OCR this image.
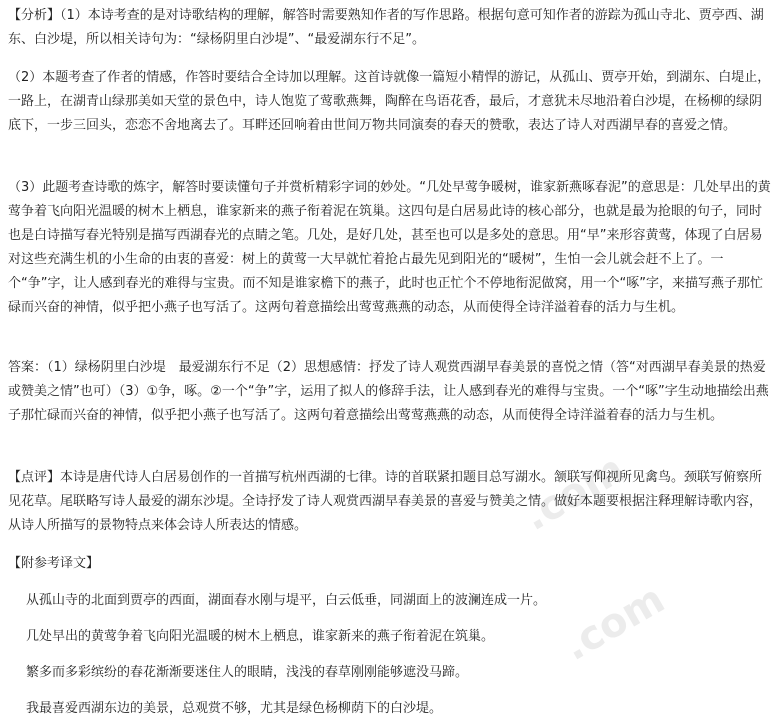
.com
.com

【分析】（1）本诗考查的是对诗歌结构的理解，解答时需要熟知作者的写作思路。根据句意可知作者的游踪为孤山寺北、贾亭西、湖东、白沙堤，所以相关诗句为：“绿杨阴里白沙堤”、“最爱湖东行不足”。

（2）本题考查了作者的情感，作答时要结合全诗加以理解。这首诗就像一篇短小精悍的游记，从孤山、贾亭开始，到湖东、白堤止，一路上，在湖青山绿那美如天堂的景色中，诗人饱览了莺歌燕舞，陶醉在鸟语花香，最后，才意犹未尽地沿着白沙堤，在杨柳的绿阴底下，一步三回头，恋恋不舍地离去了。耳畔还回响着由世间万物共同演奏的春天的赞歌，表达了诗人对西湖早春的喜爱之情。

（3）此题考查诗歌的炼字，解答时要读懂句子并赏析精彩字词的妙处。“几处早莺争暖树，谁家新燕啄春泥”的意思是：几处早出的黄莺争着飞向阳光温暖的树木上栖息，谁家新来的燕子衔着泥在筑巢。这四句是白居易此诗的核心部分，也就是最为抢眼的句子，同时也是白诗描写春光特别是描写西湖春光的点睛之笔。几处，是好几处，甚至也可以是多处的意思。用“早”来形容黄莺，体现了白居易对这些充满生机的小生命的由衷的喜爱：树上的黄莺一大早就忙着抢占最先见到阳光的“暖树”，生怕一会儿就会赶不上了。一个“争”字，让人感到春光的难得与宝贵。而不知是谁家檐下的燕子，此时也正忙个不停地衔泥做窝，用一个“啄”字，来描写燕子那忙碌而兴奋的神情，似乎把小燕子也写活了。这两句着意描绘出莺莺燕燕的动态，从而使得全诗洋溢着春的活力与生机。

答案：（1）绿杨阴里白沙堤　最爱湖东行不足（2）思想感情：抒发了诗人观赏西湖早春美景的喜悦之情（答“对西湖早春美景的热爱或赞美之情”也可）（3）①争，啄。②一个“争”字，运用了拟人的修辞手法，让人感到春光的难得与宝贵。一个“啄”字生动地描绘出燕子那忙碌而兴奋的神情，似乎把小燕子也写活了。这两句着意描绘出莺莺燕燕的动态，从而使得全诗洋溢着春的活力与生机。

【点评】本诗是唐代诗人白居易创作的一首描写杭州西湖的七律。诗的首联紧扣题目总写湖水。颔联写仰视所见禽鸟。颈联写俯察所见花草。尾联略写诗人最爱的湖东沙堤。全诗抒发了诗人观赏西湖早春美景的喜爱与赞美之情。做好本题要根据注释理解诗歌内容，从诗人所描写的景物特点来体会诗人所表达的情感。

【附参考译文】

从孤山寺的北面到贾亭的西面，湖面春水刚与堤平，白云低垂，同湖面上的波澜连成一片。

几处早出的黄莺争着飞向阳光温暖的树木上栖息，谁家新来的燕子衔着泥在筑巢。

繁多而多彩缤纷的春花渐渐要迷住人的眼睛，浅浅的春草刚刚能够遮没马蹄。

我最喜爱西湖东边的美景，总观赏不够，尤其是绿色杨柳荫下的白沙堤。
